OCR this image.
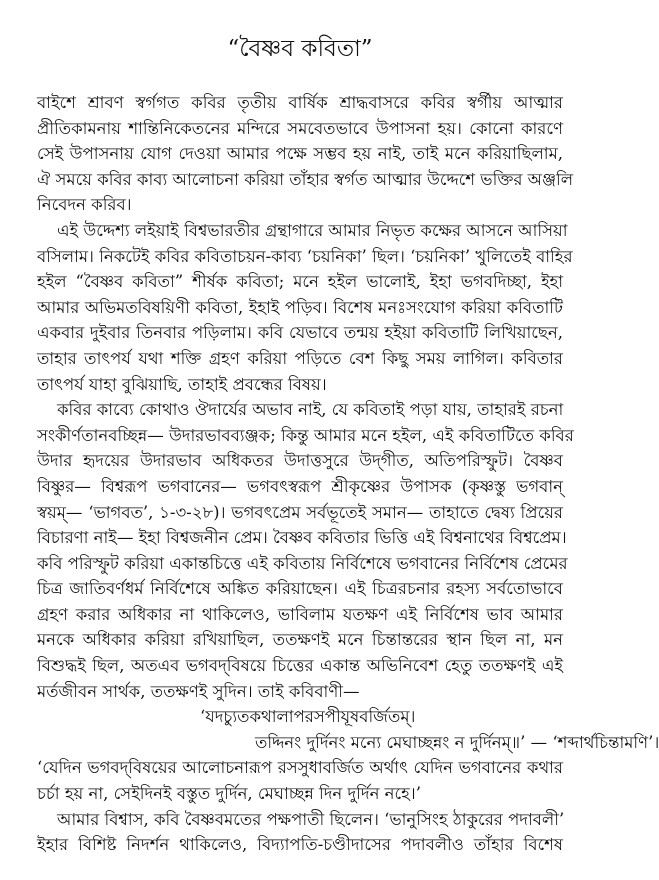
“বৈষ্ণব কবিতা”
বাইশে শ্রাবণ স্বর্গগত কবির তৃতীয় বার্ষিক শ্রাদ্ধবাসরে কবির স্বর্গীয় আত্মার
প্রীতিকামনায় শান্তিনিকেতনের মন্দিরে সমবেতভাবে উপাসনা হয়। কোনো কারণে
সেই উপাসনায় যোগ দেওয়া আমার পক্ষে সম্ভব হয় নাই, তাই মনে করিয়াছিলাম,
ঐ সময়ে কবির কাব্য আলোচনা করিয়া তাঁহার স্বর্গত আত্মার উদ্দেশে ভক্তির অঞ্জলি
নিবেদন করিব।
এই উদ্দেশ্য লইয়াই বিশ্বভারতীর গ্রন্থাগারে আমার নিভৃত কক্ষের আসনে আসিয়া
বসিলাম। নিকটেই কবির কবিতাচয়ন-কাব্য ‘চয়নিকা’ ছিল। ‘চয়নিকা’ খুলিতেই বাহির
হইল “বৈষ্ণব কবিতা” শীর্ষক কবিতা; মনে হইল ভালোই, ইহা ভগবদিচ্ছা, ইহা
আমার অভিমতবিষয়িণী কবিতা, ইহাই পড়িব। বিশেষ মনঃসংযোগ করিয়া কবিতাটি
একবার দুইবার তিনবার পড়িলাম। কবি যেভাবে তন্ময় হইয়া কবিতাটি লিখিয়াছেন,
তাহার তাৎপর্য যথা শক্তি গ্রহণ করিয়া পড়িতে বেশ কিছু সময় লাগিল। কবিতার
তাৎপর্য যাহা বুঝিয়াছি, তাহাই প্রবন্ধের বিষয়।
কবির কাব্যে কোথাও ঔদার্যের অভাব নাই, যে কবিতাই পড়া যায়, তাহারই রচনা
সংকীর্ণতানবচ্ছিন্ন— উদারভাবব্যঞ্জক; কিন্তু আমার মনে হইল, এই কবিতাটিতে কবির
উদার হৃদয়ের উদারভাব অধিকতর উদাত্তসুরে উদ্‌গীত, অতিপরিস্ফুট। বৈষ্ণব
বিষ্ণুর— বিশ্বরূপ ভগবানের— ভগবৎস্বরূপ শ্রীকৃষ্ণের উপাসক (কৃষ্ণস্তু ভগবান্
স্বয়ম্— ‘ভাগবত’, ১-৩-২৮)। ভগবৎপ্রেম সর্বভূতেই সমান— তাহাতে দ্বেষ্য প্রিয়ের
বিচারণা নাই— ইহা বিশ্বজনীন প্রেম। বৈষ্ণব কবিতার ভিত্তি এই বিশ্বনাথের বিশ্বপ্রেম।
কবি পরিস্ফুট করিয়া একান্তচিত্তে এই কবিতায় নির্বিশেষে ভগবানের নির্বিশেষ প্রেমের
চিত্র জাতিবর্ণধর্ম নির্বিশেষে অঙ্কিত করিয়াছেন। এই চিত্ররচনার রহস্য সর্বতোভাবে
গ্রহণ করার অধিকার না থাকিলেও, ভাবিলাম যতক্ষণ এই নির্বিশেষ ভাব আমার
মনকে অধিকার করিয়া রখিয়াছিল, ততক্ষণই মনে চিন্তান্তরের স্থান ছিল না, মন
বিশুদ্ধই ছিল, অতএব ভগবদ্‌বিষয়ে চিত্তের একান্ত অভিনিবেশ হেতু ততক্ষণই এই
মর্তজীবন সার্থক, ততক্ষণই সুদিন। তাই কবিবাণী—
‘যদচ্যুতকথালাপরসপীযূষবর্জিতম্।
তদ্দিনং দুর্দিনং মন্যে মেঘাচ্ছন্নং ন দুর্দিনম্॥’ — ‘শব্দার্থচিন্তামণি’।
‘যেদিন ভগবদ্‌বিষয়ের আলোচনারূপ রসসুধাবর্জিত অর্থাৎ যেদিন ভগবানের কথার
চর্চা হয় না, সেইদিনই বস্তুত দুর্দিন, মেঘাচ্ছন্ন দিন দুর্দিন নহে।’
আমার বিশ্বাস, কবি বৈষ্ণবমতের পক্ষপাতী ছিলেন। ‘ভানুসিংহ ঠাকুরের পদাবলী’
ইহার বিশিষ্ট নিদর্শন থাকিলেও, বিদ্যাপতি-চণ্ডীদাসের পদাবলীও তাঁহার বিশেষ
